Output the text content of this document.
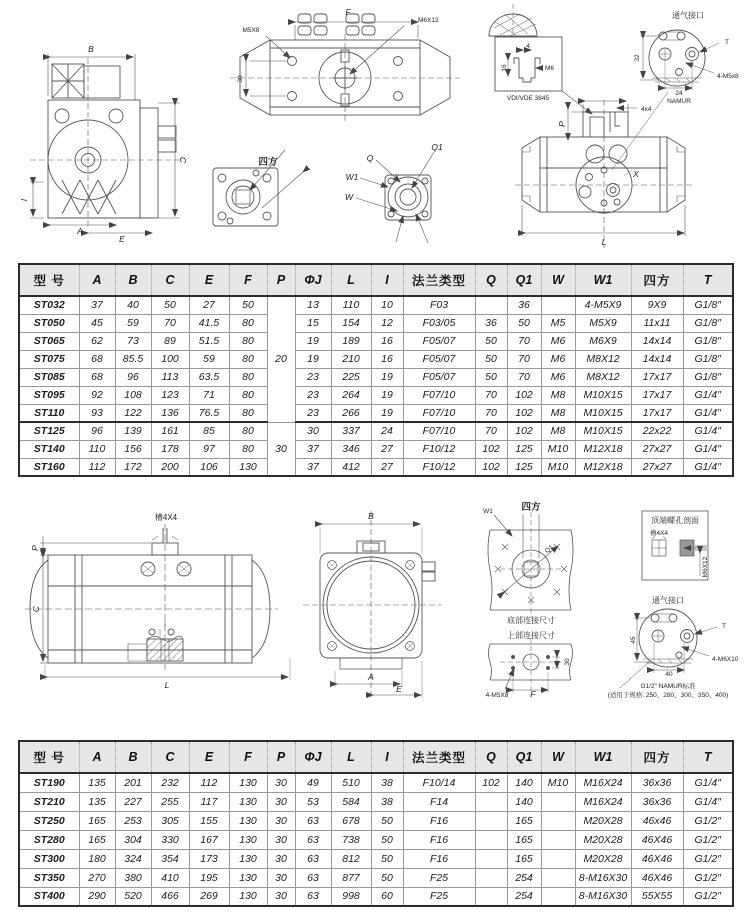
B
C
A
E
I
F
M5X8
M6X12
30
四方	Q
Q1
W1
W
4
M6
16
VDI/VDE 3845
通气接口
T
4-M5x8
24
32
NAMUR
4x4
P
X
L
型 号	A	B	C	E	F	P	ΦJ	L	I	法兰类型	Q	Q1	W	W1	四方	T
ST032	37	40	50	27	50	20	13	110	10	F03		36		4-M5X9	9X9	G1/8″
ST050	45	59	70	41.5	80		15	154	12	F03/05	36	50	M5	M5X9	11x11	G1/8″
ST065	62	73	89	51.5	80		19	189	16	F05/07	50	70	M6	M6X9	14x14	G1/8″
ST075	68	85.5	100	59	80		19	210	16	F05/07	50	70	M6	M8X12	14x14	G1/8″
ST085	68	96	113	63.5	80		23	225	19	F05/07	50	70	M6	M8X12	17x17	G1/8″
ST095	92	108	123	71	80		23	264	19	F07/10	70	102	M8	M10X15	17x17	G1/4″
ST110	93	122	136	76.5	80		23	266	19	F07/10	70	102	M8	M10X15	17x17	G1/4″
ST125	96	139	161	85	80	30	30	337	24	F07/10	70	102	M8	M10X15	22x22	G1/4″
ST140	110	156	178	97	80		37	346	27	F10/12	102	125	M10	M12X18	27x27	G1/4″
ST160	112	172	200	106	130		37	412	27	F10/12	102	125	M10	M12X18	27x27	G1/4″
槽4X4
P
C
L
B
A
E
四方
W1
Q1
底部连接尺寸
上部连接尺寸
30
4-M5X8	F
顶端螺孔剖面
槽4X4
M6X12
通气接口
T
4-M6X10
45
40
G1/2″ NAMUR标准
(适用于规格: 250、280、300、350、400)
型 号	A	B	C	E	F	P	ΦJ	L	I	法兰类型	Q	Q1	W	W1	四方	T
ST190	135	201	232	112	130	30	49	510	38	F10/14	102	140	M10	M16X24	36x36	G1/4″
ST210	135	227	255	117	130	30	53	584	38	F14		140		M16X24	36x36	G1/4″
ST250	165	253	305	155	130	30	63	678	50	F16		165		M20X28	46x46	G1/2″
ST280	165	304	330	167	130	30	63	738	50	F16		165		M20X28	46X46	G1/2″
ST300	180	324	354	173	130	30	63	812	50	F16		165		M20X28	46X46	G1/2″
ST350	270	380	410	195	130	30	63	877	50	F25		254		8-M16X30	46X46	G1/2″
ST400	290	520	466	269	130	30	63	998	60	F25		254		8-M16X30	55X55	G1/2″
